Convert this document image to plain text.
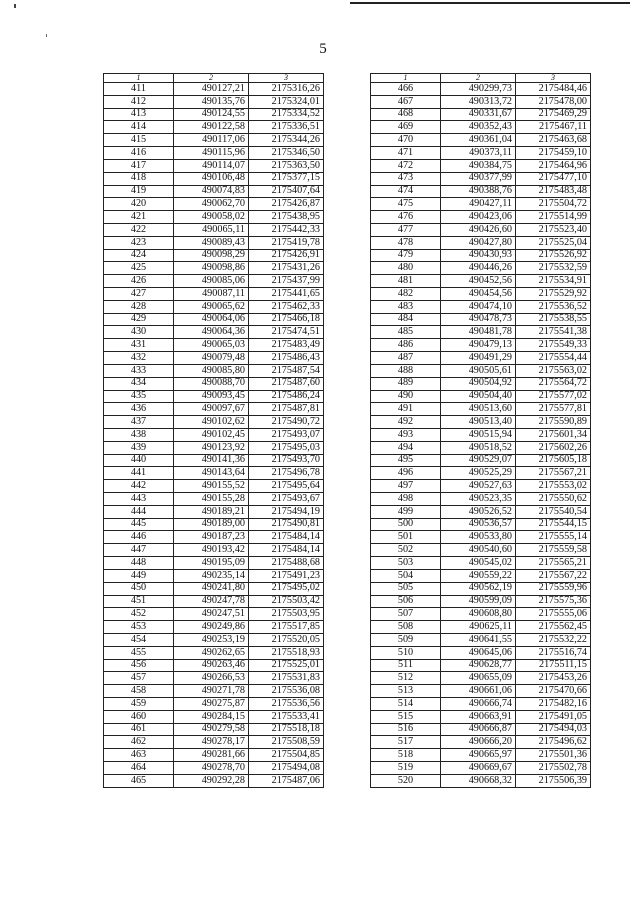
5
1	2	3
411	490127,21	2175316,26
412	490135,76	2175324,01
413	490124,55	2175334,52
414	490122,58	2175336,51
415	490117,06	2175344,26
416	490115,96	2175346,50
417	490114,07	2175363,50
418	490106,48	2175377,15
419	490074,83	2175407,64
420	490062,70	2175426,87
421	490058,02	2175438,95
422	490065,11	2175442,33
423	490089,43	2175419,78
424	490098,29	2175426,91
425	490098,86	2175431,26
426	490085,06	2175437,99
427	490087,11	2175441,65
428	490065,62	2175462,33
429	490064,06	2175466,18
430	490064,36	2175474,51
431	490065,03	2175483,49
432	490079,48	2175486,43
433	490085,80	2175487,54
434	490088,70	2175487,60
435	490093,45	2175486,24
436	490097,67	2175487,81
437	490102,62	2175490,72
438	490102,45	2175493,07
439	490123,92	2175495,03
440	490141,36	2175493,70
441	490143,64	2175496,78
442	490155,52	2175495,64
443	490155,28	2175493,67
444	490189,21	2175494,19
445	490189,00	2175490,81
446	490187,23	2175484,14
447	490193,42	2175484,14
448	490195,09	2175488,68
449	490235,14	2175491,23
450	490241,80	2175495,02
451	490247,78	2175503,42
452	490247,51	2175503,95
453	490249,86	2175517,85
454	490253,19	2175520,05
455	490262,65	2175518,93
456	490263,46	2175525,01
457	490266,53	2175531,83
458	490271,78	2175536,08
459	490275,87	2175536,56
460	490284,15	2175533,41
461	490279,58	2175518,18
462	490278,17	2175508,59
463	490281,66	2175504,85
464	490278,70	2175494,08
465	490292,28	2175487,06
1	2	3
466	490299,73	2175484,46
467	490313,72	2175478,00
468	490331,67	2175469,29
469	490352,43	2175467,11
470	490361,04	2175463,68
471	490373,11	2175459,10
472	490384,75	2175464,96
473	490377,99	2175477,10
474	490388,76	2175483,48
475	490427,11	2175504,72
476	490423,06	2175514,99
477	490426,60	2175523,40
478	490427,80	2175525,04
479	490430,93	2175526,92
480	490446,26	2175532,59
481	490452,56	2175534,91
482	490454,56	2175529,92
483	490474,10	2175536,52
484	490478,73	2175538,55
485	490481,78	2175541,38
486	490479,13	2175549,33
487	490491,29	2175554,44
488	490505,61	2175563,02
489	490504,92	2175564,72
490	490504,40	2175577,02
491	490513,60	2175577,81
492	490513,40	2175590,89
493	490515,94	2175601,34
494	490518,52	2175602,26
495	490529,07	2175605,18
496	490525,29	2175567,21
497	490527,63	2175553,02
498	490523,35	2175550,62
499	490526,52	2175540,54
500	490536,57	2175544,15
501	490533,80	2175555,14
502	490540,60	2175559,58
503	490545,02	2175565,21
504	490559,22	2175567,22
505	490562,19	2175559,96
506	490599,09	2175575,36
507	490608,80	2175555,06
508	490625,11	2175562,45
509	490641,55	2175532,22
510	490645,06	2175516,74
511	490628,77	2175511,15
512	490655,09	2175453,26
513	490661,06	2175470,66
514	490666,74	2175482,16
515	490663,91	2175491,05
516	490666,87	2175494,03
517	490666,20	2175496,62
518	490665,97	2175501,36
519	490669,67	2175502,78
520	490668,32	2175506,39
